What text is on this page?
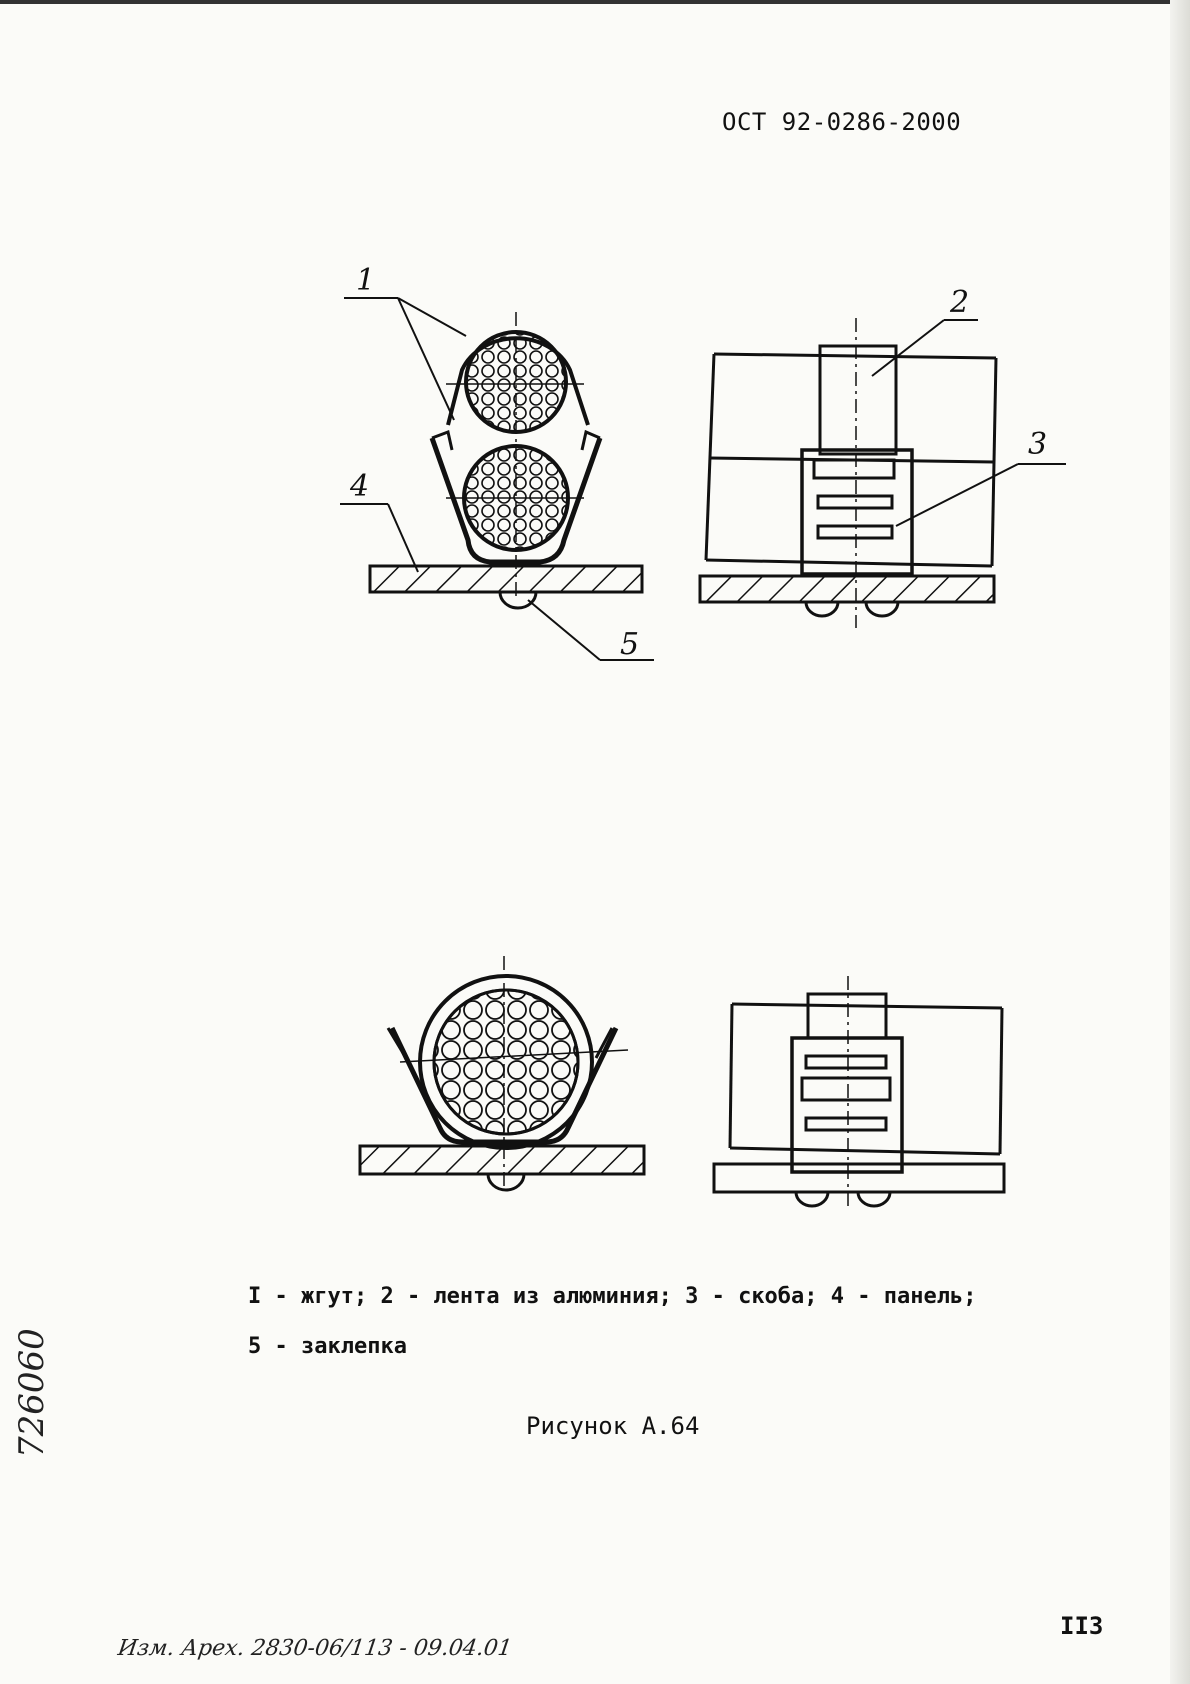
ОСТ 92-0286-2000
1
4
5
2
3
I - жгут; 2 - лента из алюминия; 3 - скоба; 4 - панель;
5 - заклепка
Рисунок А.64
II3
726060
Изм. Арех. 2830-06/113 - 09.04.01
